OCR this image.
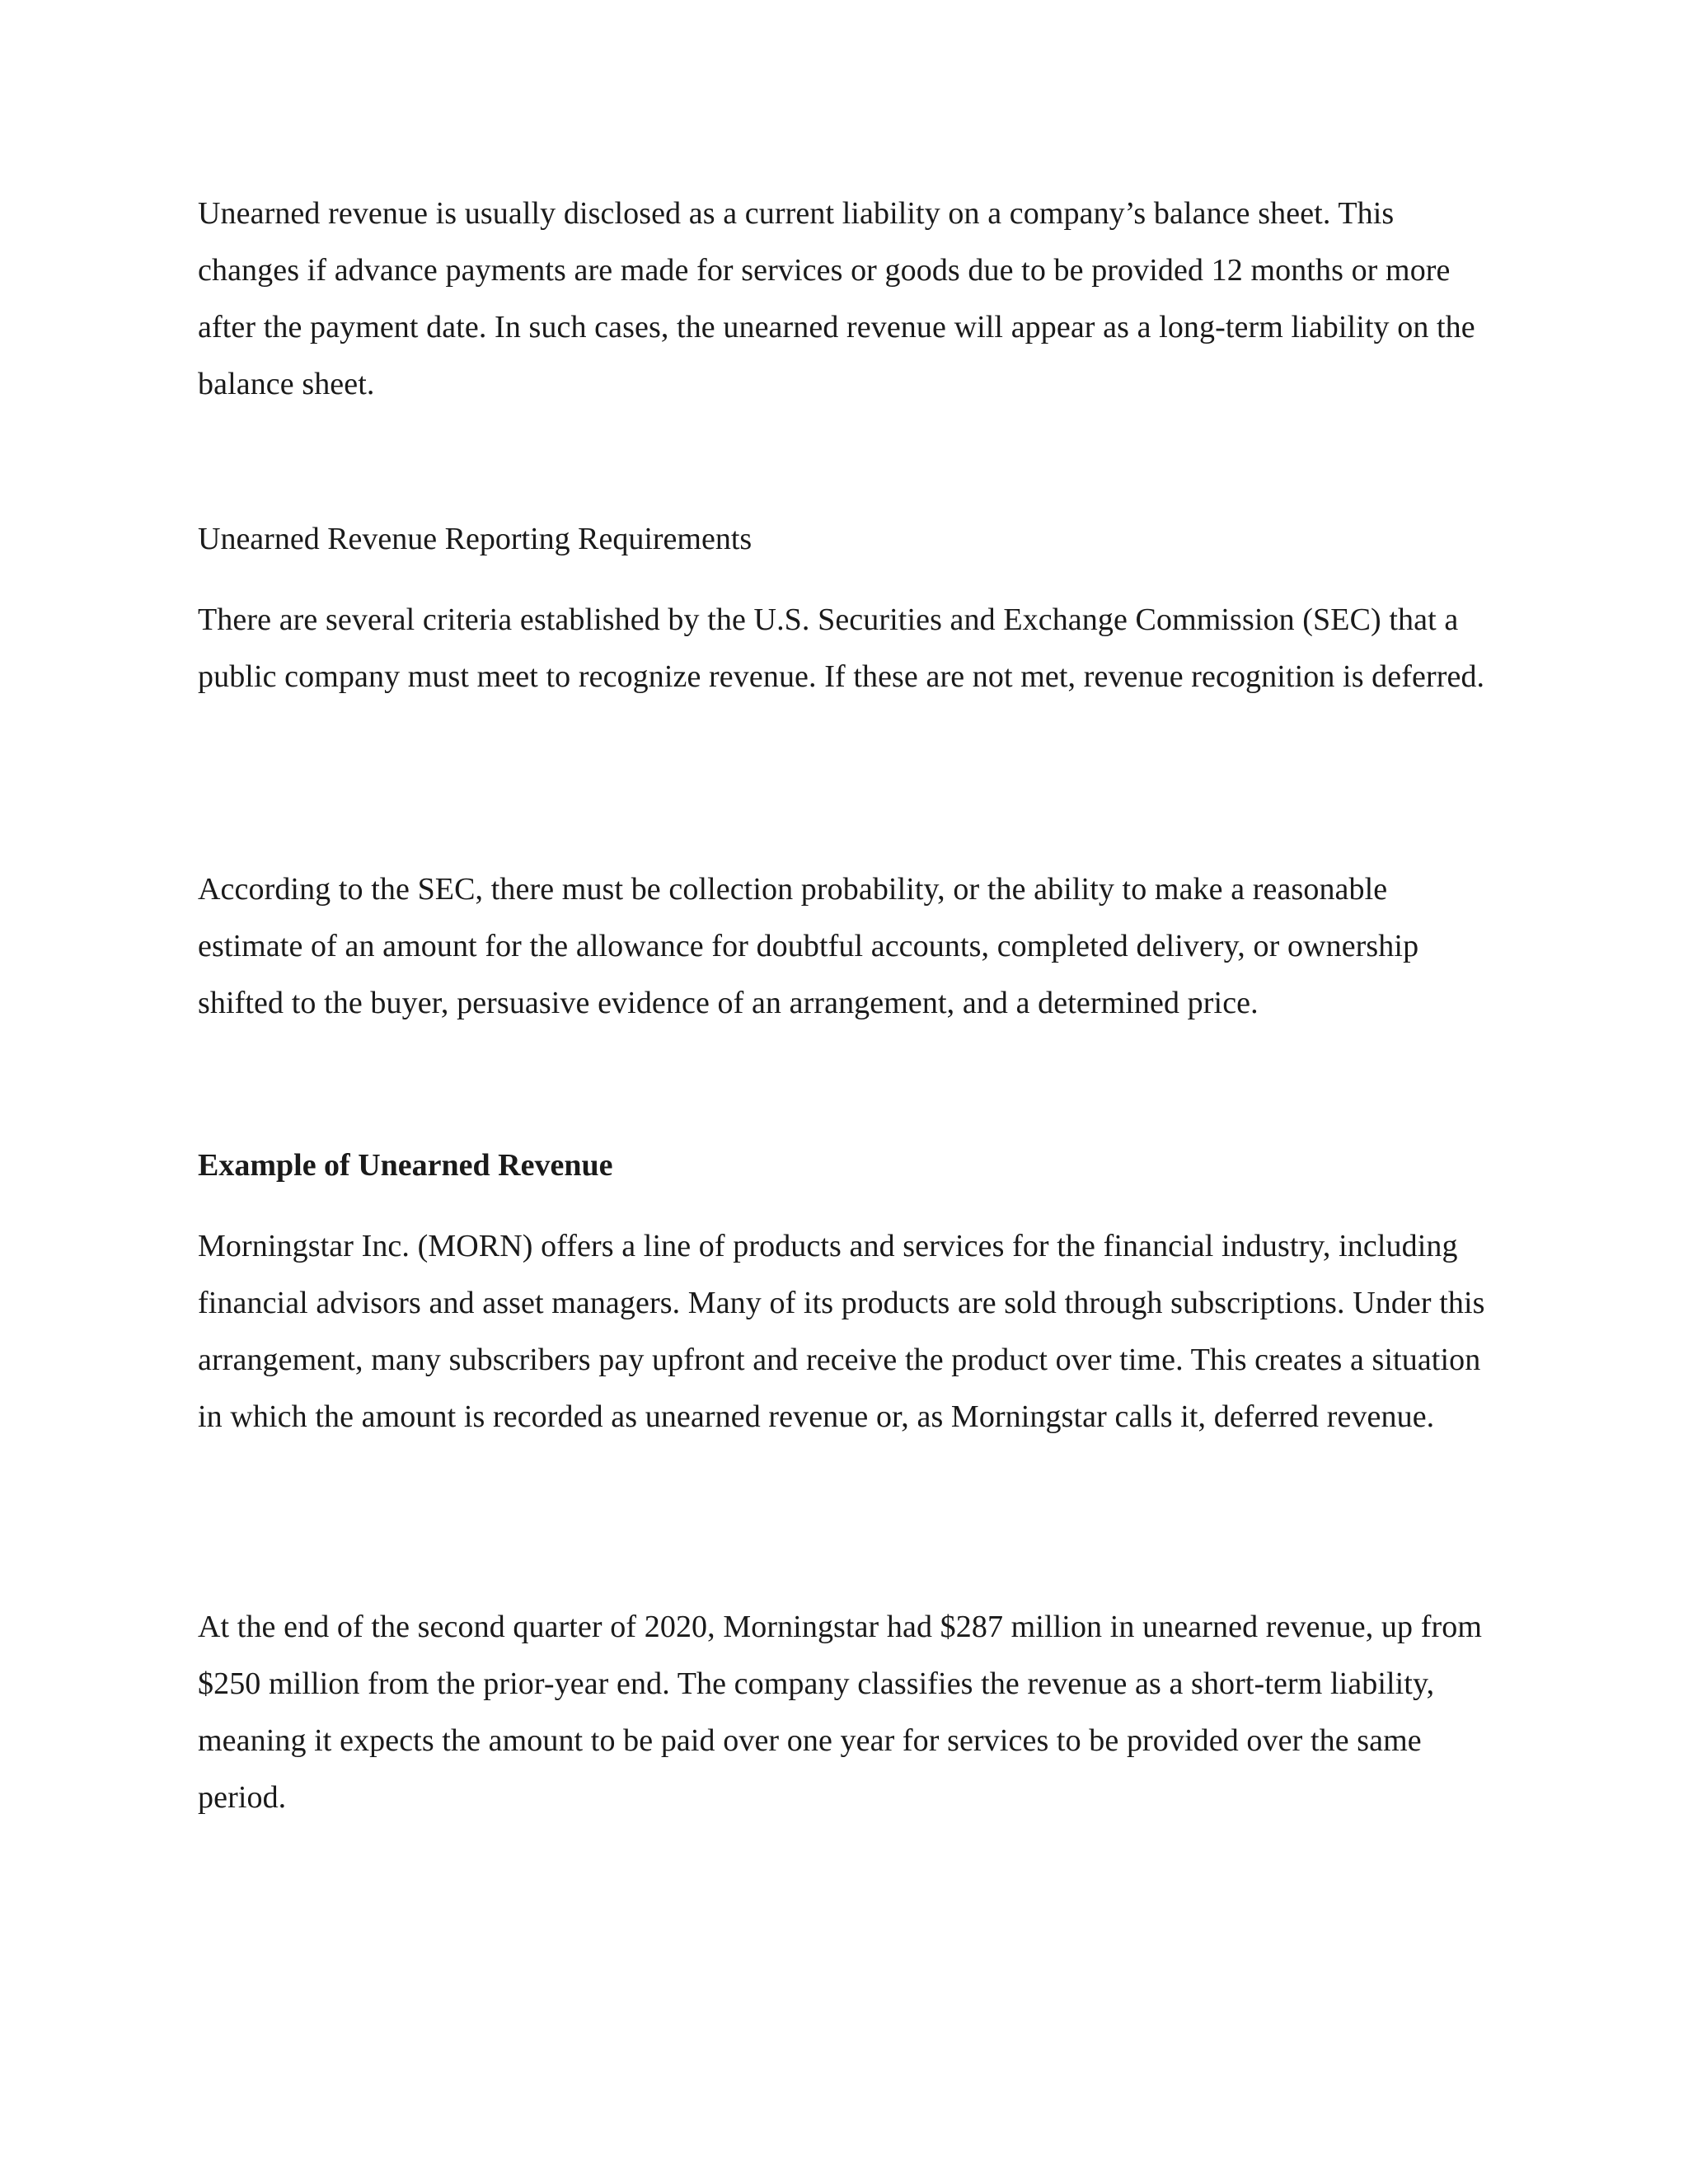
Unearned revenue is usually disclosed as a current liability on a company’s balance sheet. This changes if advance payments are made for services or goods due to be provided 12 months or more after the payment date. In such cases, the unearned revenue will appear as a long-term liability on the balance sheet.

Unearned Revenue Reporting Requirements

There are several criteria established by the U.S. Securities and Exchange Commission (SEC) that a public company must meet to recognize revenue. If these are not met, revenue recognition is deferred.

According to the SEC, there must be collection probability, or the ability to make a reasonable estimate of an amount for the allowance for doubtful accounts, completed delivery, or ownership shifted to the buyer, persuasive evidence of an arrangement, and a determined price.

Example of Unearned Revenue

Morningstar Inc. (MORN) offers a line of products and services for the financial industry, including financial advisors and asset managers. Many of its products are sold through subscriptions. Under this arrangement, many subscribers pay upfront and receive the product over time. This creates a situation in which the amount is recorded as unearned revenue or, as Morningstar calls it, deferred revenue.

At the end of the second quarter of 2020, Morningstar had $287 million in unearned revenue, up from $250 million from the prior-year end. The company classifies the revenue as a short-term liability, meaning it expects the amount to be paid over one year for services to be provided over the same period.
